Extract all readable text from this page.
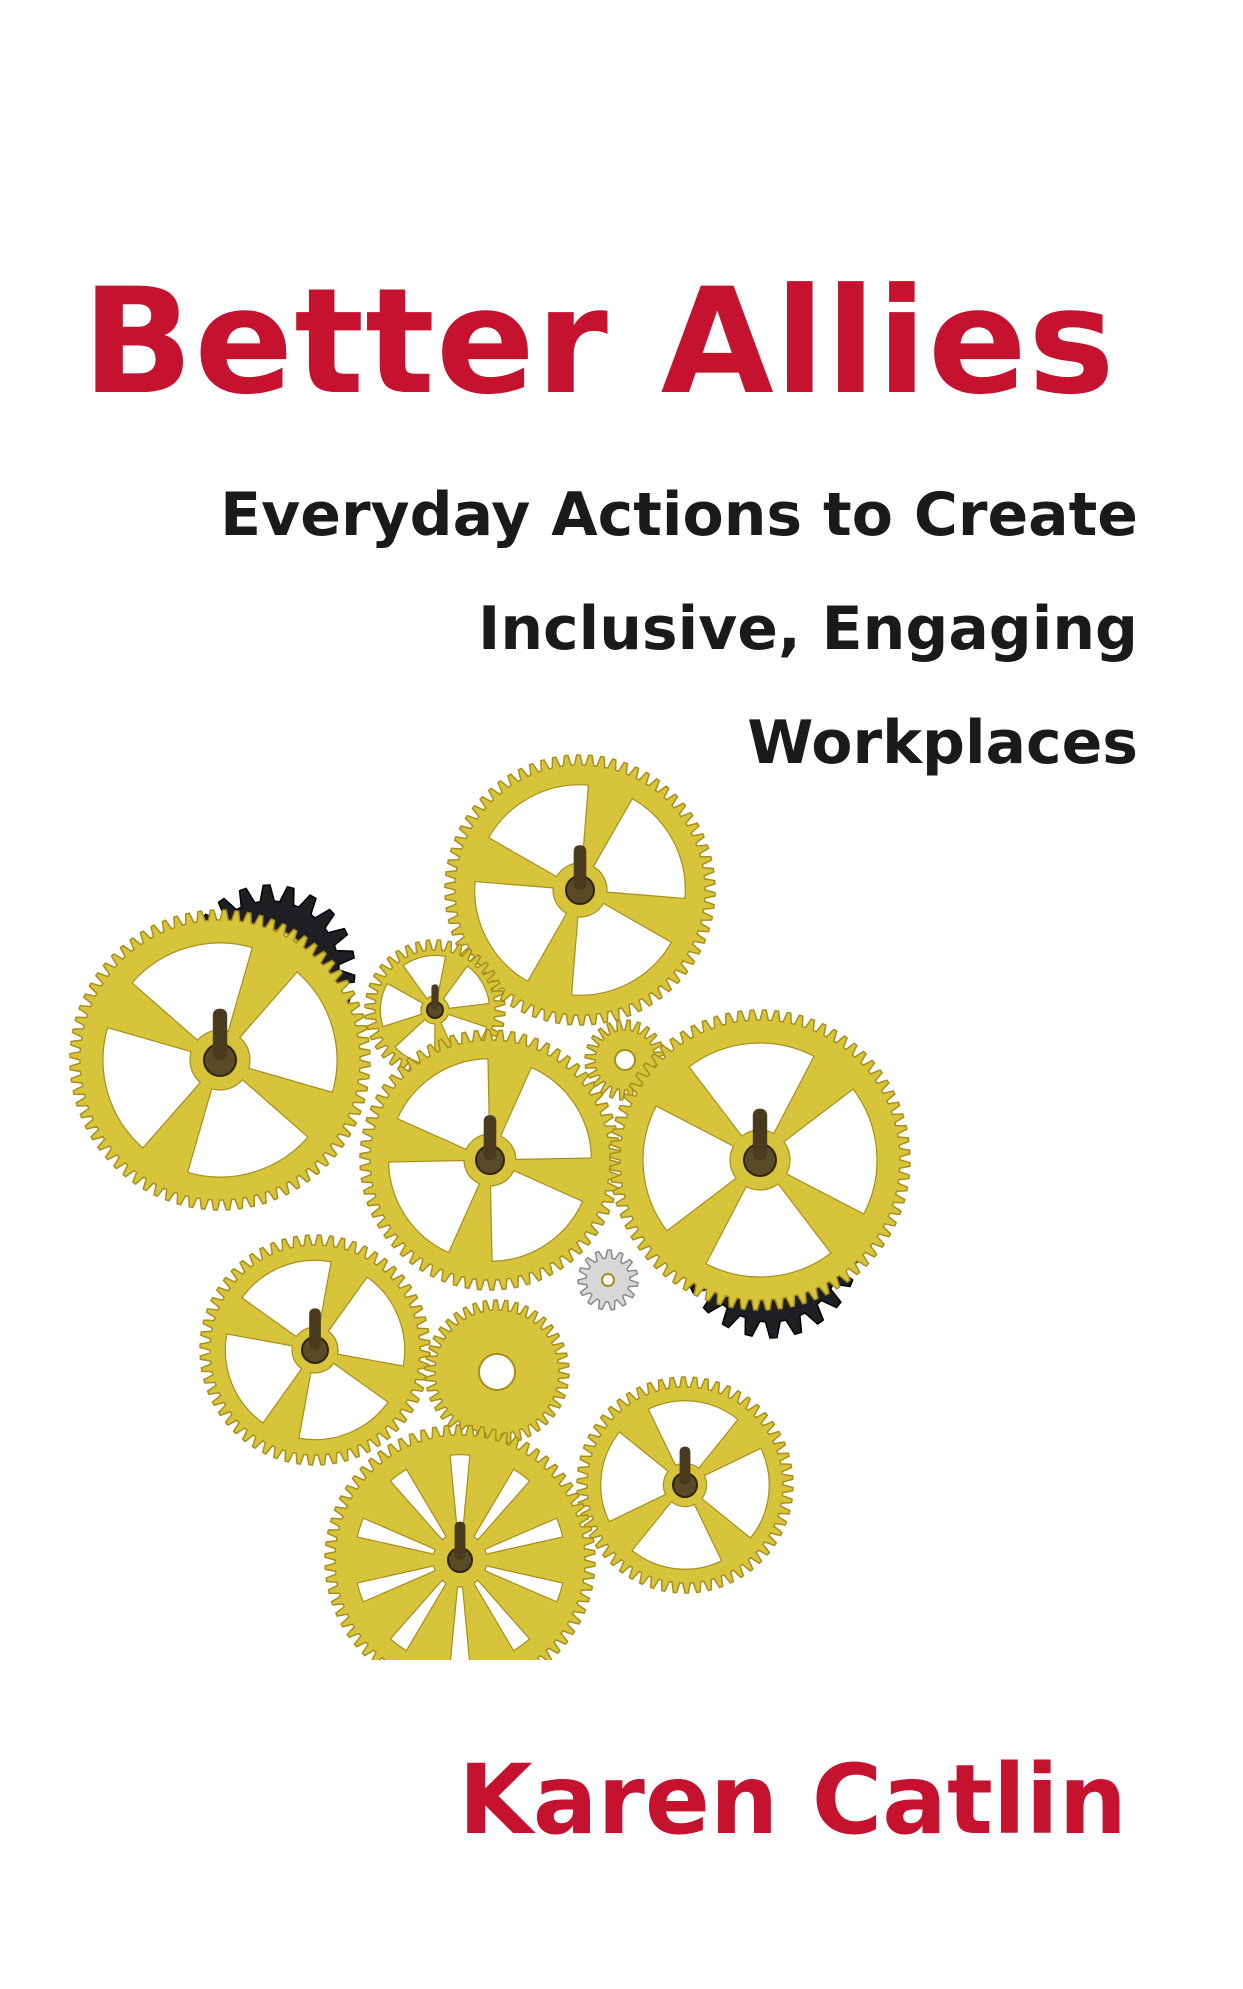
Better Allies
Everyday Actions to Create
Inclusive, Engaging
Workplaces
Karen Catlin
